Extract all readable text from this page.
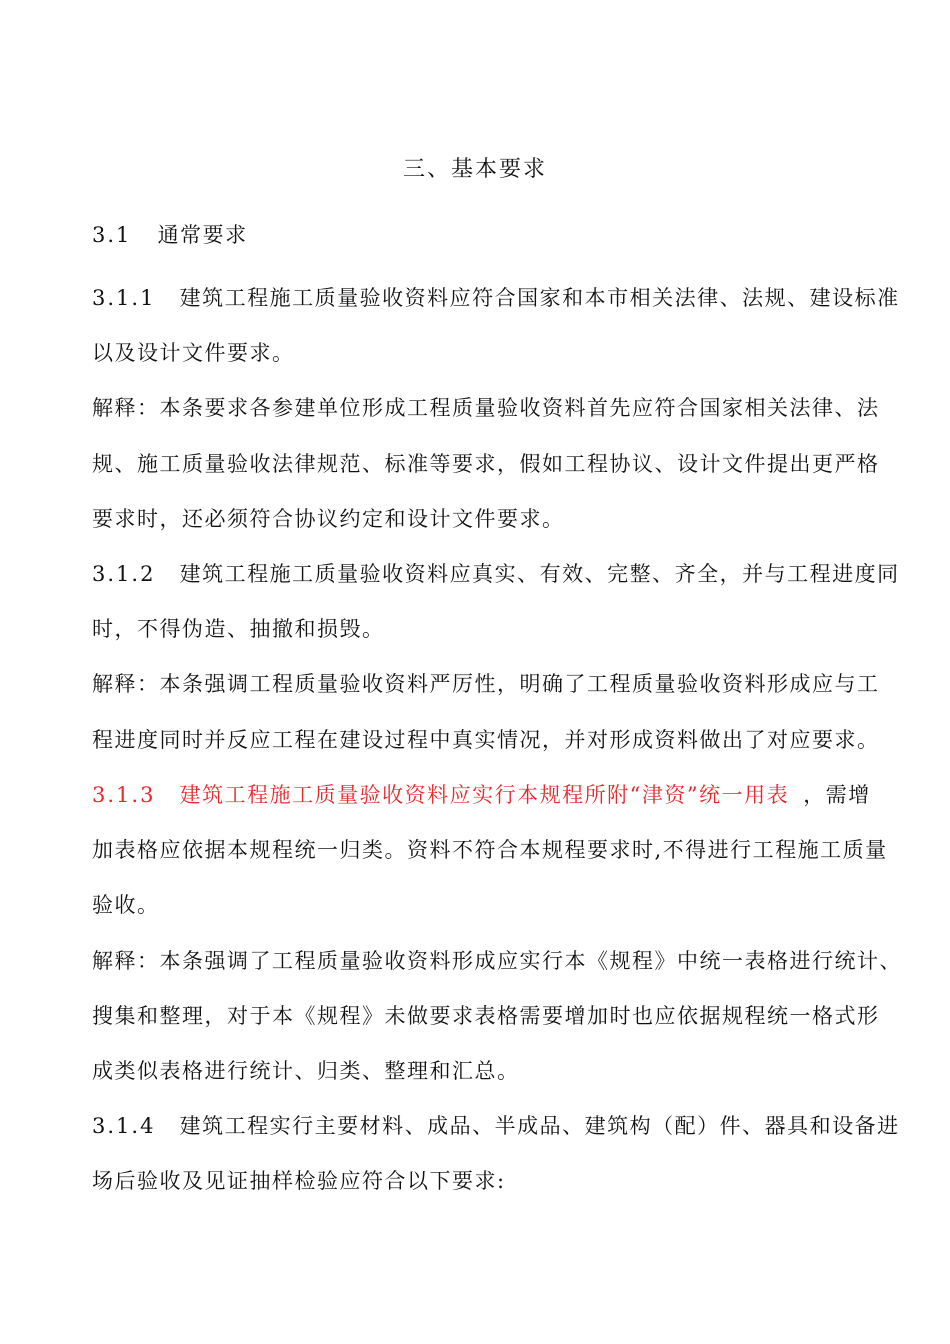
三、基本要求
3.1 通常要求
3.1.1 建筑工程施工质量验收资料应符合国家和本市相关法律、法规、建设标准
以及设计文件要求。
解释：本条要求各参建单位形成工程质量验收资料首先应符合国家相关法律、法
规、施工质量验收法律规范、标准等要求，假如工程协议、设计文件提出更严格
要求时，还必须符合协议约定和设计文件要求。
3.1.2 建筑工程施工质量验收资料应真实、有效、完整、齐全，并与工程进度同
时，不得伪造、抽撤和损毁。
解释：本条强调工程质量验收资料严厉性，明确了工程质量验收资料形成应与工
程进度同时并反应工程在建设过程中真实情况，并对形成资料做出了对应要求。
3.1.3 建筑工程施工质量验收资料应实行本规程所附“津资”统一用表 ，需增
加表格应依据本规程统一归类。资料不符合本规程要求时,不得进行工程施工质量
验收。
解释：本条强调了工程质量验收资料形成应实行本《规程》中统一表格进行统计、
搜集和整理，对于本《规程》未做要求表格需要增加时也应依据规程统一格式形
成类似表格进行统计、归类、整理和汇总。
3.1.4 建筑工程实行主要材料、成品、半成品、建筑构（配）件、器具和设备进
场后验收及见证抽样检验应符合以下要求:
